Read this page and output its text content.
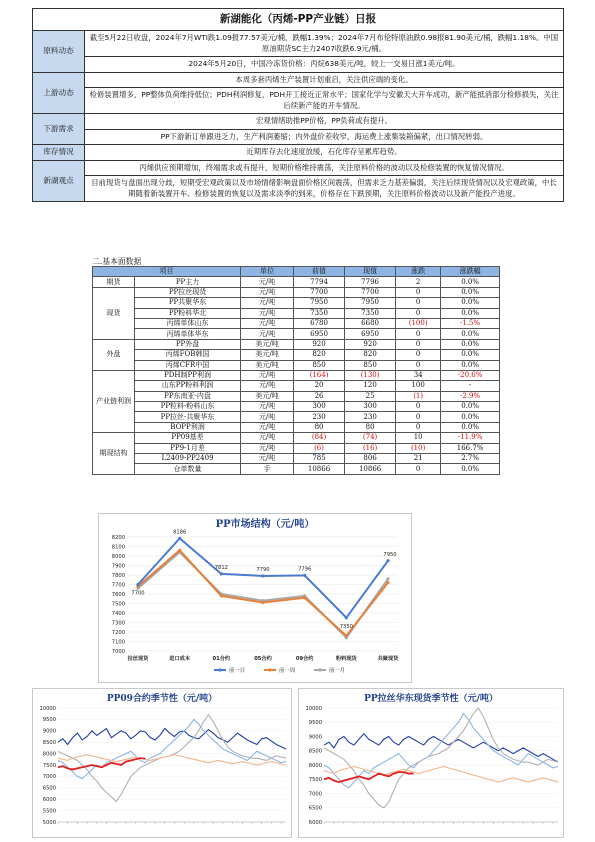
新湖能化（丙烯-PP产业链）日报	
原料动态	截至5月22日收盘，2024年7月WTI跌1.09报77.57美元/桶，跌幅1.39%；2024年7月布伦特原油跌0.98报81.90美元/桶，跌幅1.18%。中国原油期货SC主力2407收跌6.9元/桶。
	2024年5月20日，中国冷冻货价格：丙烷638美元/吨，较上一交易日涨1美元/吨。
上游动态	本周多套丙烯生产装置计划重启，关注供应端的变化。
	检修装置增多，PP整体负荷维持低位；PDH利润修复，PDH开工接近正常水平；国家化学与安徽天大开车成功，新产能抵消部分检修损失，关注后续新产能的开车情况。
下游需求	宏观情绪助推PP价格，PP负荷或有提升。
	PP下游新订单跟进乏力，生产利润萎缩；内外盘价差收窄，海运费上涨集装箱偏紧，出口情况转弱。
库存情况	近期库存去化速度放缓，石化库存呈累库趋势。
新湖观点	丙烯供应预期增加，终端需求或有提升，短期价格维持震荡，关注原料价格的波动以及检修装置的恢复情况情况。
	目前现货与盘面出现分歧，短期受宏观政策以及市场情绪影响盘面价格区间震荡，但需求乏力基差偏弱，关注后续现货情况以及宏观政策，中长期随着新装置开车、检修装置的恢复以及需求淡季的到来，价格存在下跌预期，关注原料价格波动以及新产能投产进度。
二.基本面数据
项目		单位	前值	现值	涨跌	涨跌幅
期货	PP主力	元/吨	7794	7796	2	0.0%
现货	PP拉丝现货	元/吨	7700	7700	0	0.0%
	PP共聚华东	元/吨	7950	7950	0	0.0%
	PP粉料华北	元/吨	7350	7350	0	0.0%
	丙烯单体山东	元/吨	6780	6680	(100)	-1.5%
	丙烯单体华东	元/吨	6950	6950	0	0.0%
外盘	PP外盘	美元/吨	920	920	0	0.0%
	丙烯FOB韩国	美元/吨	820	820	0	0.0%
	丙烯CFR中国	美元/吨	850	850	0	0.0%
产业链利润	PDH制PP利润	元/吨	(164)	(130)	34	-20.6%
	山东PP粉料利润	元/吨	20	120	100	-
	PP东南亚-内盘	美元/吨	26	25	(1)	-2.9%
	PP粒料-粉料山东	元/吨	300	300	0	0.0%
	PP拉丝-共聚华东	元/吨	230	230	0	0.0%
	BOPP利润	元/吨	80	80	0	0.0%
期现结构	PP09基差	元/吨	(84)	(74)	10	-11.9%
	PP9-1月差	元/吨	(6)	(16)	(10)	166.7%
	L2409-PP2409	元/吨	785	806	21	2.7%
	仓单数量	手	10866	10866	0	0.0%
PP市场结构（元/吨）
7000
7100
7200
7300
7400
7500
7600
7700
7800
7900
8000
8100
8200
拉丝现货	进口成本	01合约	05合约	09合约	粉料现货	共聚现货
7700
8186
7812	7790	7796
7350
7950
前一日	前一周	前一月
PP09合约季节性（元/吨）
5000
5500
6000
6500
7000
7500
8000
8500
9000
9500
10000
PP拉丝华东现货季节性（元/吨）
6000
6500
7000
7500
8000
8500
9000
9500
10000
